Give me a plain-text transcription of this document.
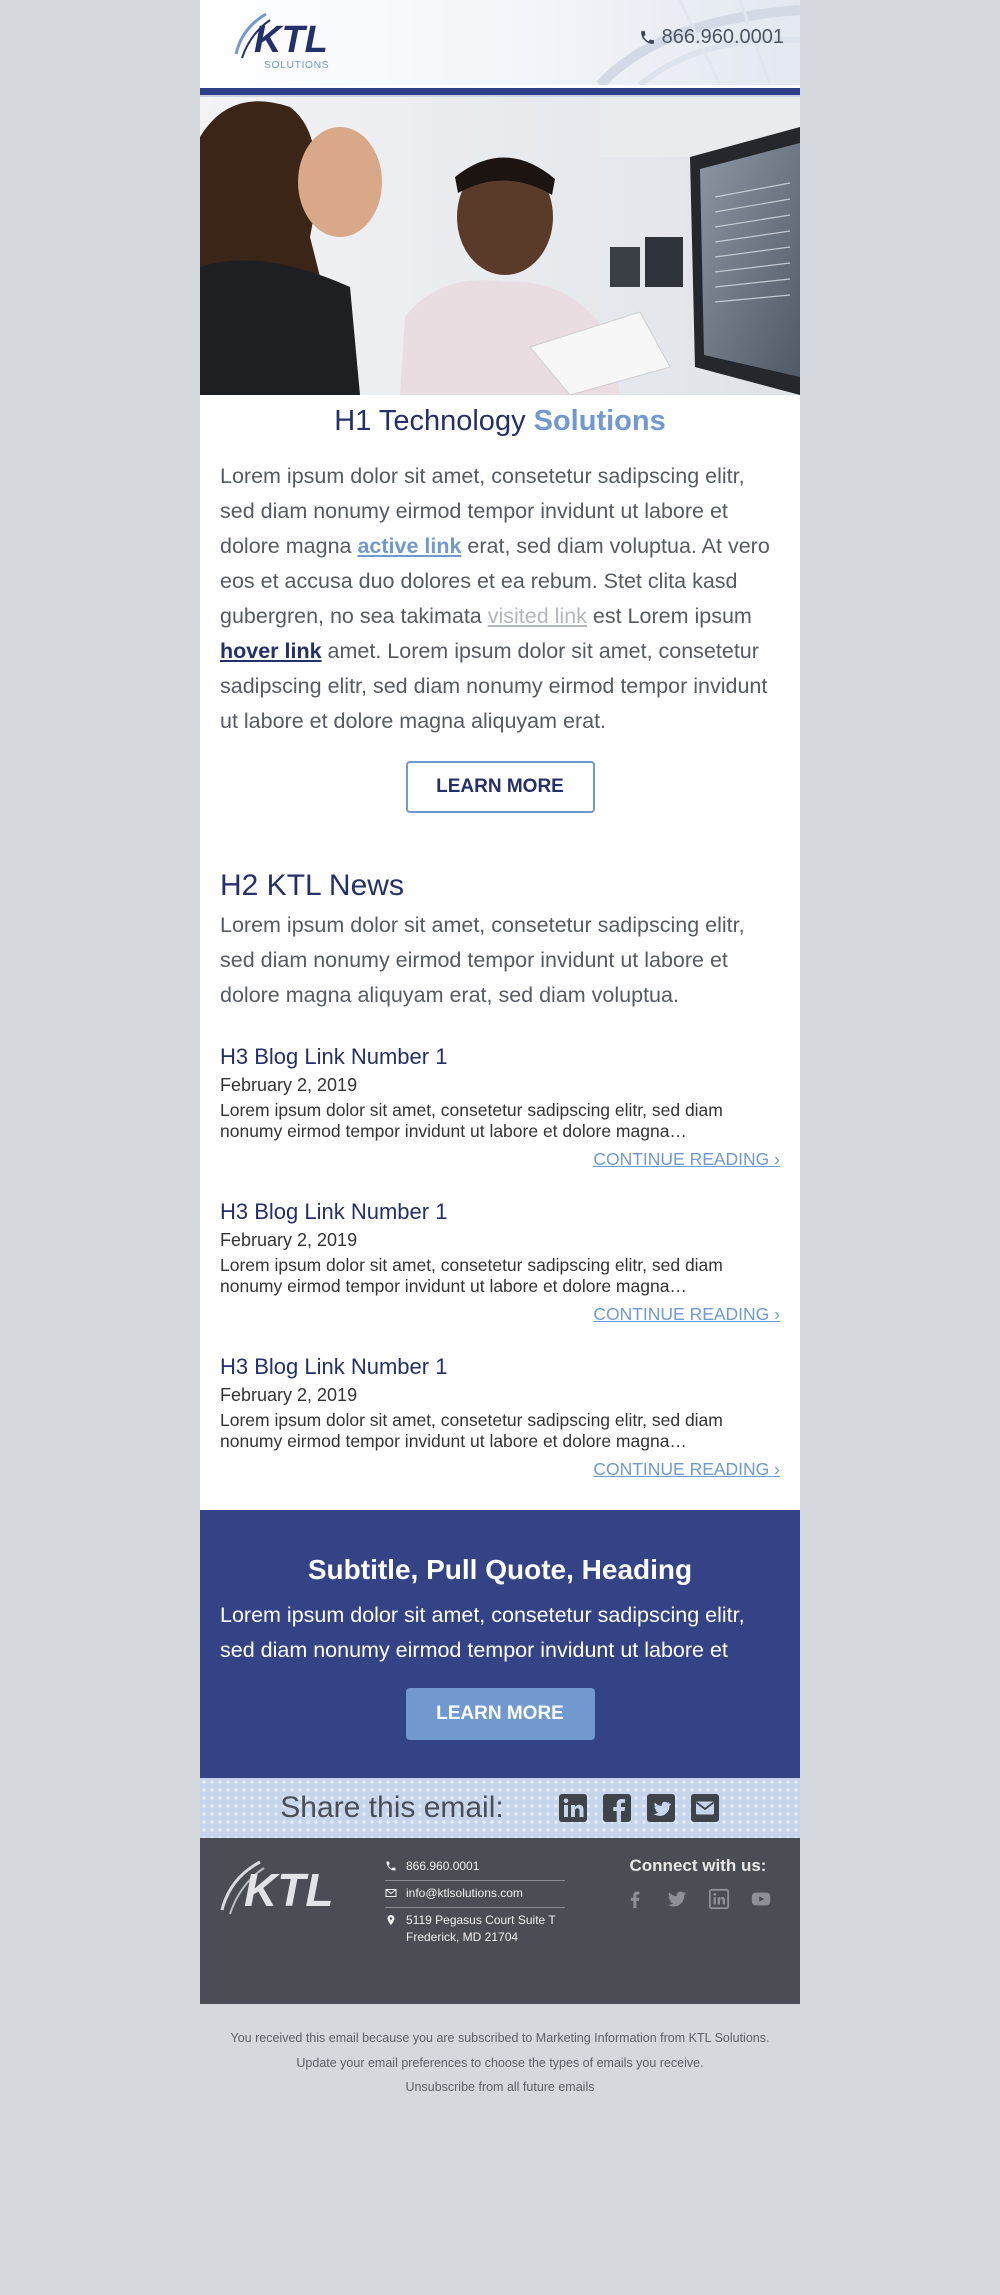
KTL
SOLUTIONS
866.960.0001
H1 Technology Solutions
Lorem ipsum dolor sit amet, consetetur sadipscing elitr, sed diam nonumy eirmod tempor invidunt ut labore et dolore magna active link erat, sed diam voluptua. At vero eos et accusa duo dolores et ea rebum. Stet clita kasd gubergren, no sea takimata visited link est Lorem ipsum hover link amet. Lorem ipsum dolor sit amet, consetetur sadipscing elitr, sed diam nonumy eirmod tempor invidunt ut labore et dolore magna aliquyam erat.
LEARN MORE
H2 KTL News
Lorem ipsum dolor sit amet, consetetur sadipscing elitr, sed diam nonumy eirmod tempor invidunt ut labore et dolore magna aliquyam erat, sed diam voluptua.
H3 Blog Link Number 1
February 2, 2019
Lorem ipsum dolor sit amet, consetetur sadipscing elitr, sed diam nonumy eirmod tempor invidunt ut labore et dolore magna…
CONTINUE READING ›
H3 Blog Link Number 1
February 2, 2019
Lorem ipsum dolor sit amet, consetetur sadipscing elitr, sed diam nonumy eirmod tempor invidunt ut labore et dolore magna…
CONTINUE READING ›
H3 Blog Link Number 1
February 2, 2019
Lorem ipsum dolor sit amet, consetetur sadipscing elitr, sed diam nonumy eirmod tempor invidunt ut labore et dolore magna…
CONTINUE READING ›
Subtitle, Pull Quote, Heading

Lorem ipsum dolor sit amet, consetetur sadipscing elitr, sed diam nonumy eirmod tempor invidunt ut labore et

LEARN MORE
Share this email:
KTL	866.960.0001
info@ktlsolutions.com
5119 Pegasus Court Suite T
Frederick, MD 21704
Connect with us:
You received this email because you are subscribed to Marketing Information from KTL Solutions.
Update your email preferences to choose the types of emails you receive.
Unsubscribe from all future emails
